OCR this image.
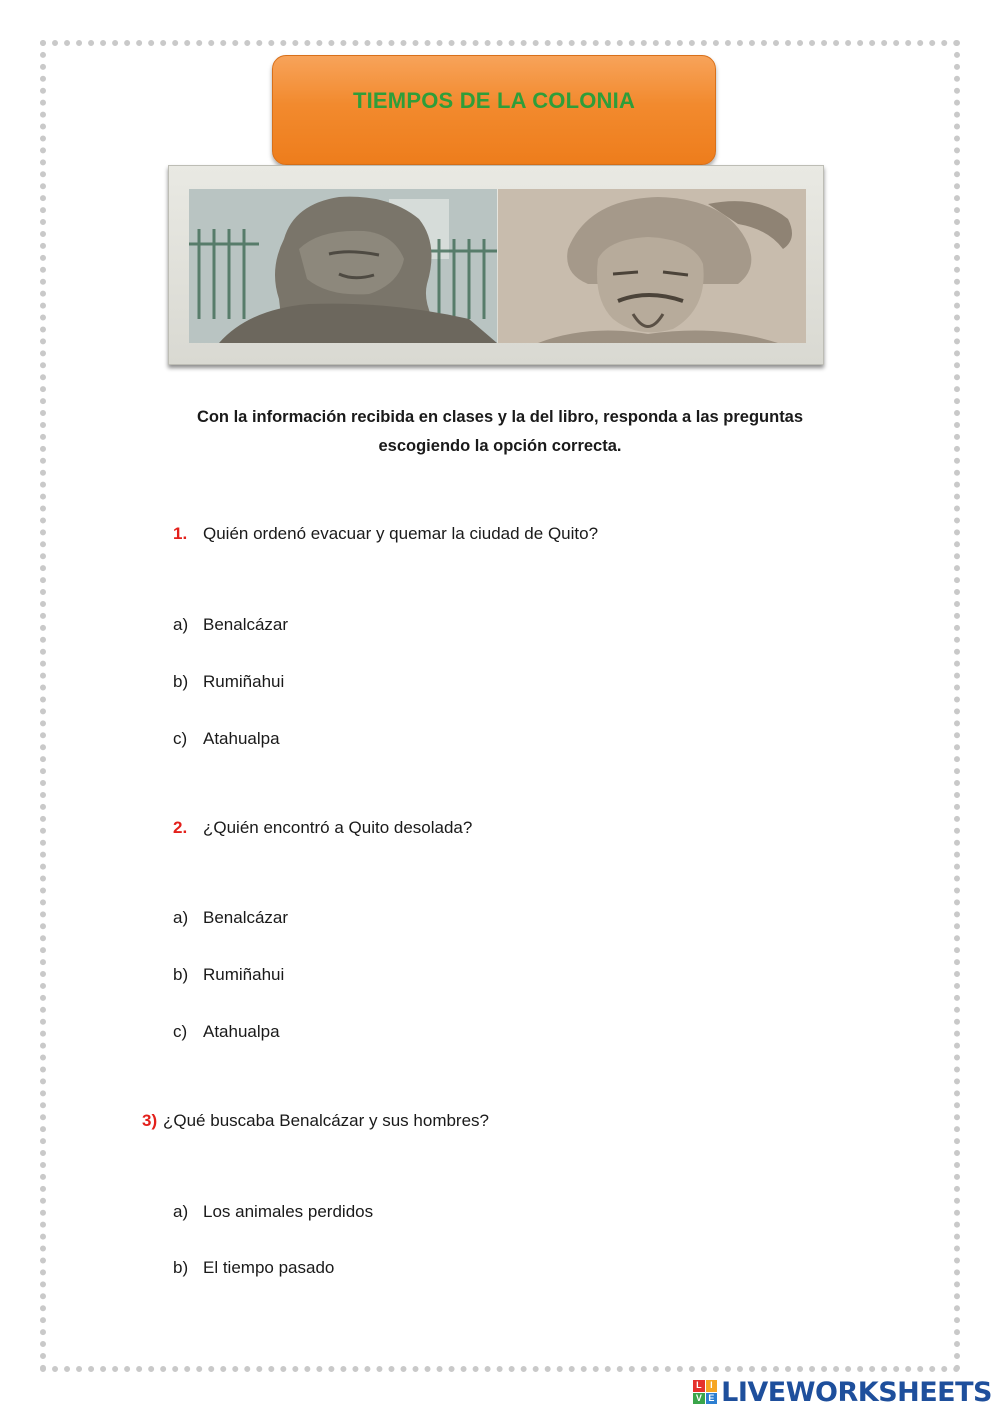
TIEMPOS DE LA COLONIA
Con la información recibida en clases y la del libro, responda a las preguntas
escogiendo la opción correcta.
1. Quién ordenó evacuar y quemar la ciudad de Quito?
a) Benalcázar
b) Rumiñahui
c) Atahualpa
2. ¿Quién encontró a Quito desolada?
a) Benalcázar
b) Rumiñahui
c) Atahualpa
3) ¿Qué buscaba Benalcázar y sus hombres?
a) Los animales perdidos
b) El tiempo pasado
L I
V E LIVEWORKSHEETS
